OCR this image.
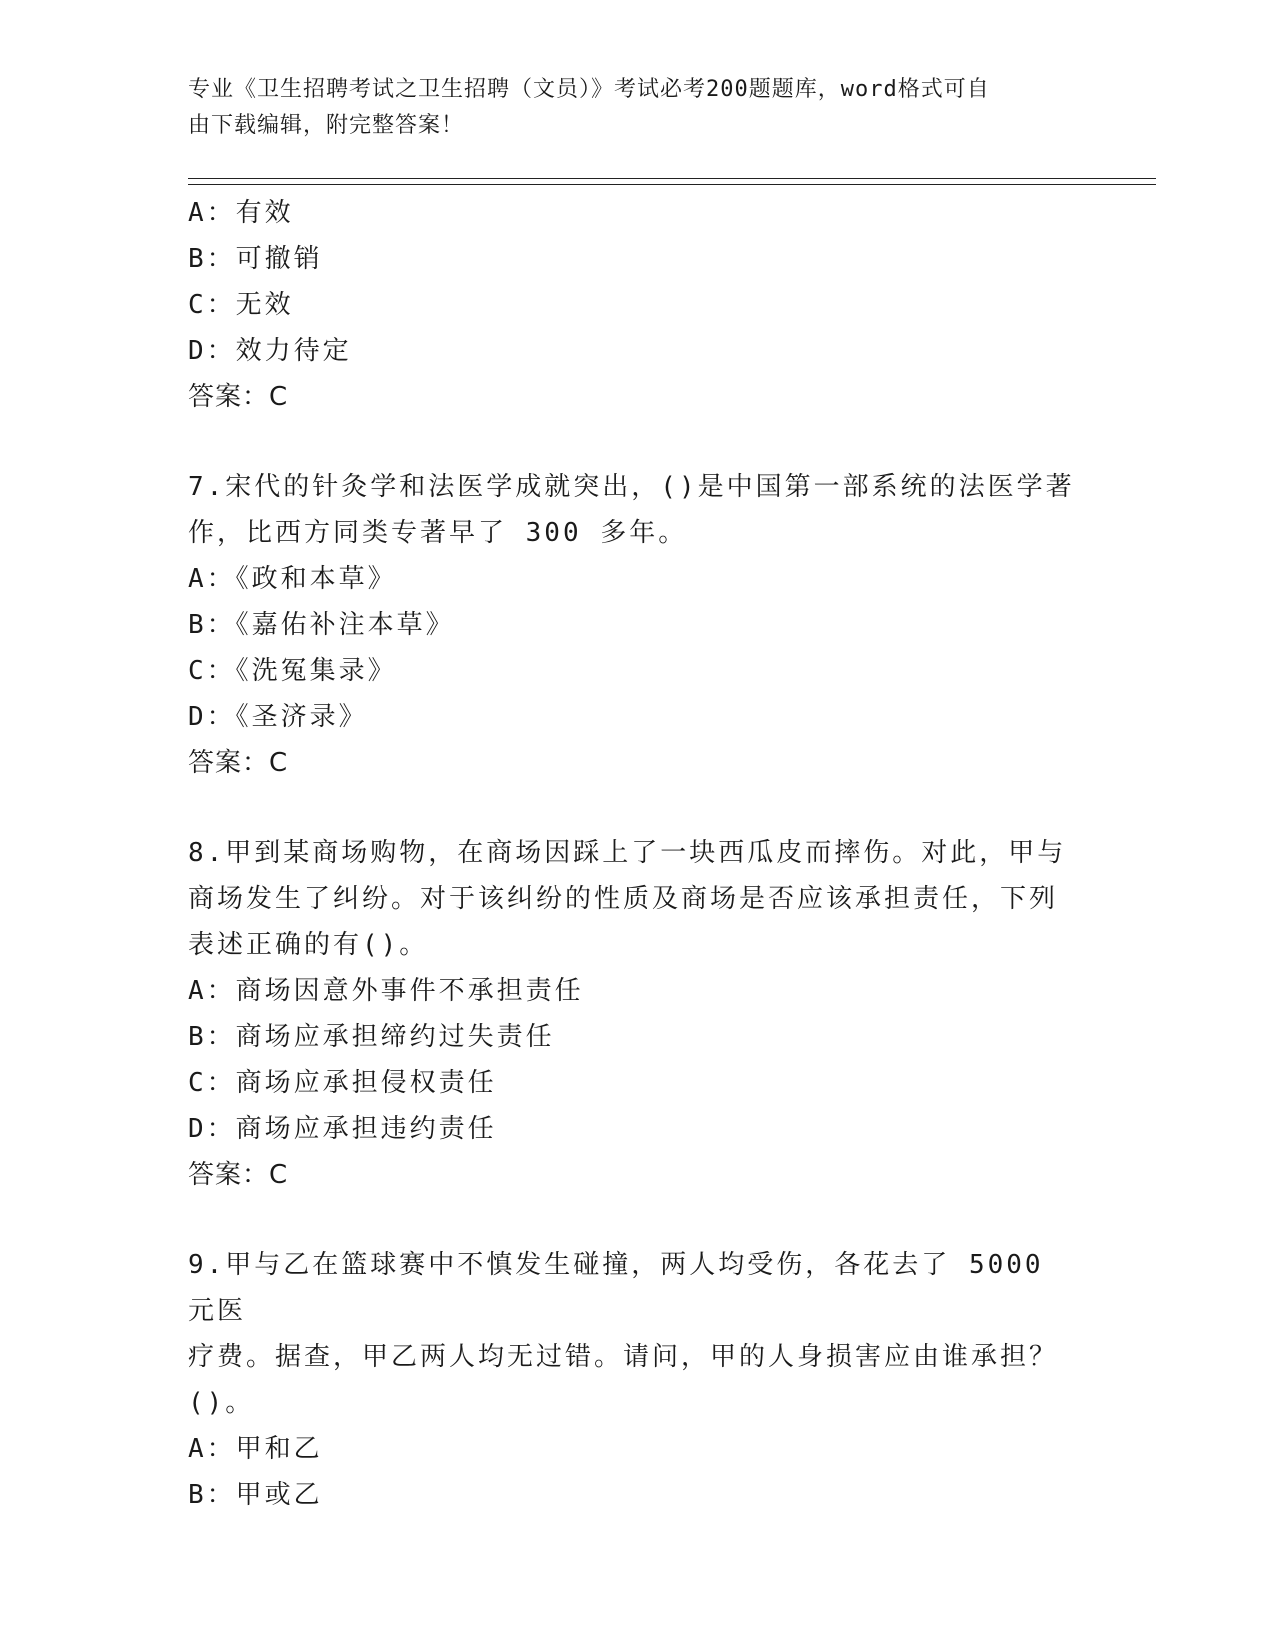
专业《卫生招聘考试之卫生招聘（文员）》考试必考200题题库，word格式可自
由下载编辑，附完整答案！
A：有效
B：可撤销
C：无效
D：效力待定
答案：C
7.宋代的针灸学和法医学成就突出，()是中国第一部系统的法医学著
作，比西方同类专著早了 300 多年。
A：《政和本草》
B：《嘉佑补注本草》
C：《洗冤集录》
D：《圣济录》
答案：C
8.甲到某商场购物，在商场因踩上了一块西瓜皮而摔伤。对此，甲与
商场发生了纠纷。对于该纠纷的性质及商场是否应该承担责任，下列
表述正确的有()。
A：商场因意外事件不承担责任
B：商场应承担缔约过失责任
C：商场应承担侵权责任
D：商场应承担违约责任
答案：C
9.甲与乙在篮球赛中不慎发生碰撞，两人均受伤，各花去了 5000 元医
疗费。据查，甲乙两人均无过错。请问，甲的人身损害应由谁承担？
()。
A：甲和乙
B：甲或乙
